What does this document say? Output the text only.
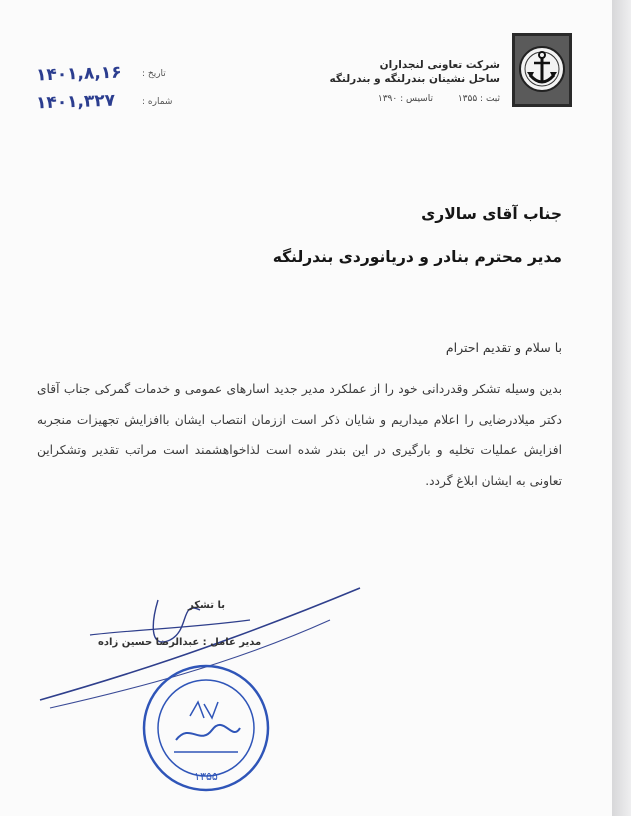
شرکت تعاونی لنجداران
ساحل نشینان بندرلنگه و بندرلنگه
ثبت : ۱۳۵۵ تاسیس : ۱۳۹۰
۱۴۰۱,۸,۱۶ تاریخ :
۱۴۰۱,۳۲۷	شماره :
جناب آقای سالاری
مدیر محترم بنادر و دریانوردی بندرلنگه
با سلام و تقدیم احترام
بدین وسیله تشکر وقدردانی خود را از عملکرد مدیر جدید اسارهای عمومی و خدمات گمرکی جناب آقای دکتر میلادرضایی را اعلام میداریم و شایان ذکر است اززمان انتصاب ایشان باافزایش تجهیزات منجربه افزایش عملیات تخلیه و بارگیری در این بندر شده است لذاخواهشمند است مراتب تقدیر وتشکراین تعاونی به ایشان ابلاغ گردد.
با تشکر
مدیر عامل : عبدالرضا حسین زاده
۱۳۵۵
